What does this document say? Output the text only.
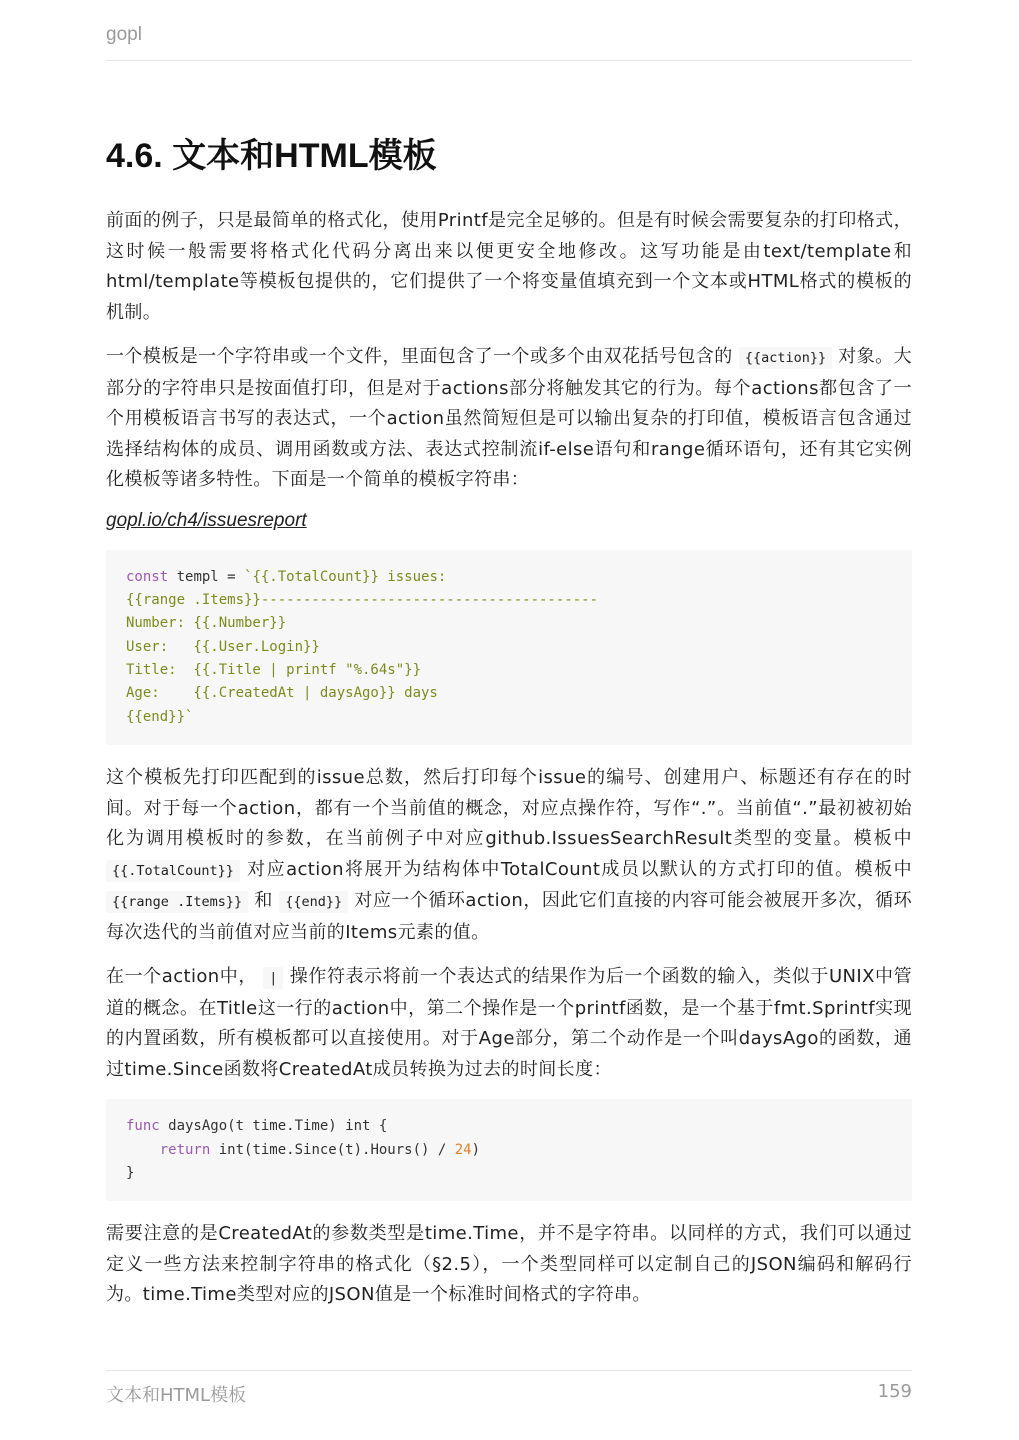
gopl
4.6. 文本和HTML模板

前面的例子，只是最简单的格式化，使用Printf是完全足够的。但是有时候会需要复杂的打印格式，这时候一般需要将格式化代码分离出来以便更安全地修改。这写功能是由text/template和html/template等模板包提供的，它们提供了一个将变量值填充到一个文本或HTML格式的模板的机制。

一个模板是一个字符串或一个文件，里面包含了一个或多个由双花括号包含的 {{action}} 对象。大部分的字符串只是按面值打印，但是对于actions部分将触发其它的行为。每个actions都包含了一个用模板语言书写的表达式，一个action虽然简短但是可以输出复杂的打印值，模板语言包含通过选择结构体的成员、调用函数或方法、表达式控制流if-else语句和range循环语句，还有其它实例化模板等诸多特性。下面是一个简单的模板字符串：

gopl.io/ch4/issuesreport
const templ = `{{.TotalCount}} issues:
{{range .Items}}----------------------------------------
Number: {{.Number}}
User:   {{.User.Login}}
Title:  {{.Title | printf "%.64s"}}
Age:    {{.CreatedAt | daysAgo}} days
{{end}}`

这个模板先打印匹配到的issue总数，然后打印每个issue的编号、创建用户、标题还有存在的时间。对于每一个action，都有一个当前值的概念，对应点操作符，写作“.”。当前值“.”最初被初始化为调用模板时的参数，在当前例子中对应github.IssuesSearchResult类型的变量。模板中 {{.TotalCount}} 对应action将展开为结构体中TotalCount成员以默认的方式打印的值。模板中 {{range .Items}} 和 {{end}} 对应一个循环action，因此它们直接的内容可能会被展开多次，循环每次迭代的当前值对应当前的Items元素的值。

在一个action中， | 操作符表示将前一个表达式的结果作为后一个函数的输入，类似于UNIX中管道的概念。在Title这一行的action中，第二个操作是一个printf函数，是一个基于fmt.Sprintf实现的内置函数，所有模板都可以直接使用。对于Age部分，第二个动作是一个叫daysAgo的函数，通过time.Since函数将CreatedAt成员转换为过去的时间长度：

func daysAgo(t time.Time) int {
return int(time.Since(t).Hours() / 24)
}

需要注意的是CreatedAt的参数类型是time.Time，并不是字符串。以同样的方式，我们可以通过定义一些方法来控制字符串的格式化（§2.5），一个类型同样可以定制自己的JSON编码和解码行为。time.Time类型对应的JSON值是一个标准时间格式的字符串。

文本和HTML模板	159
